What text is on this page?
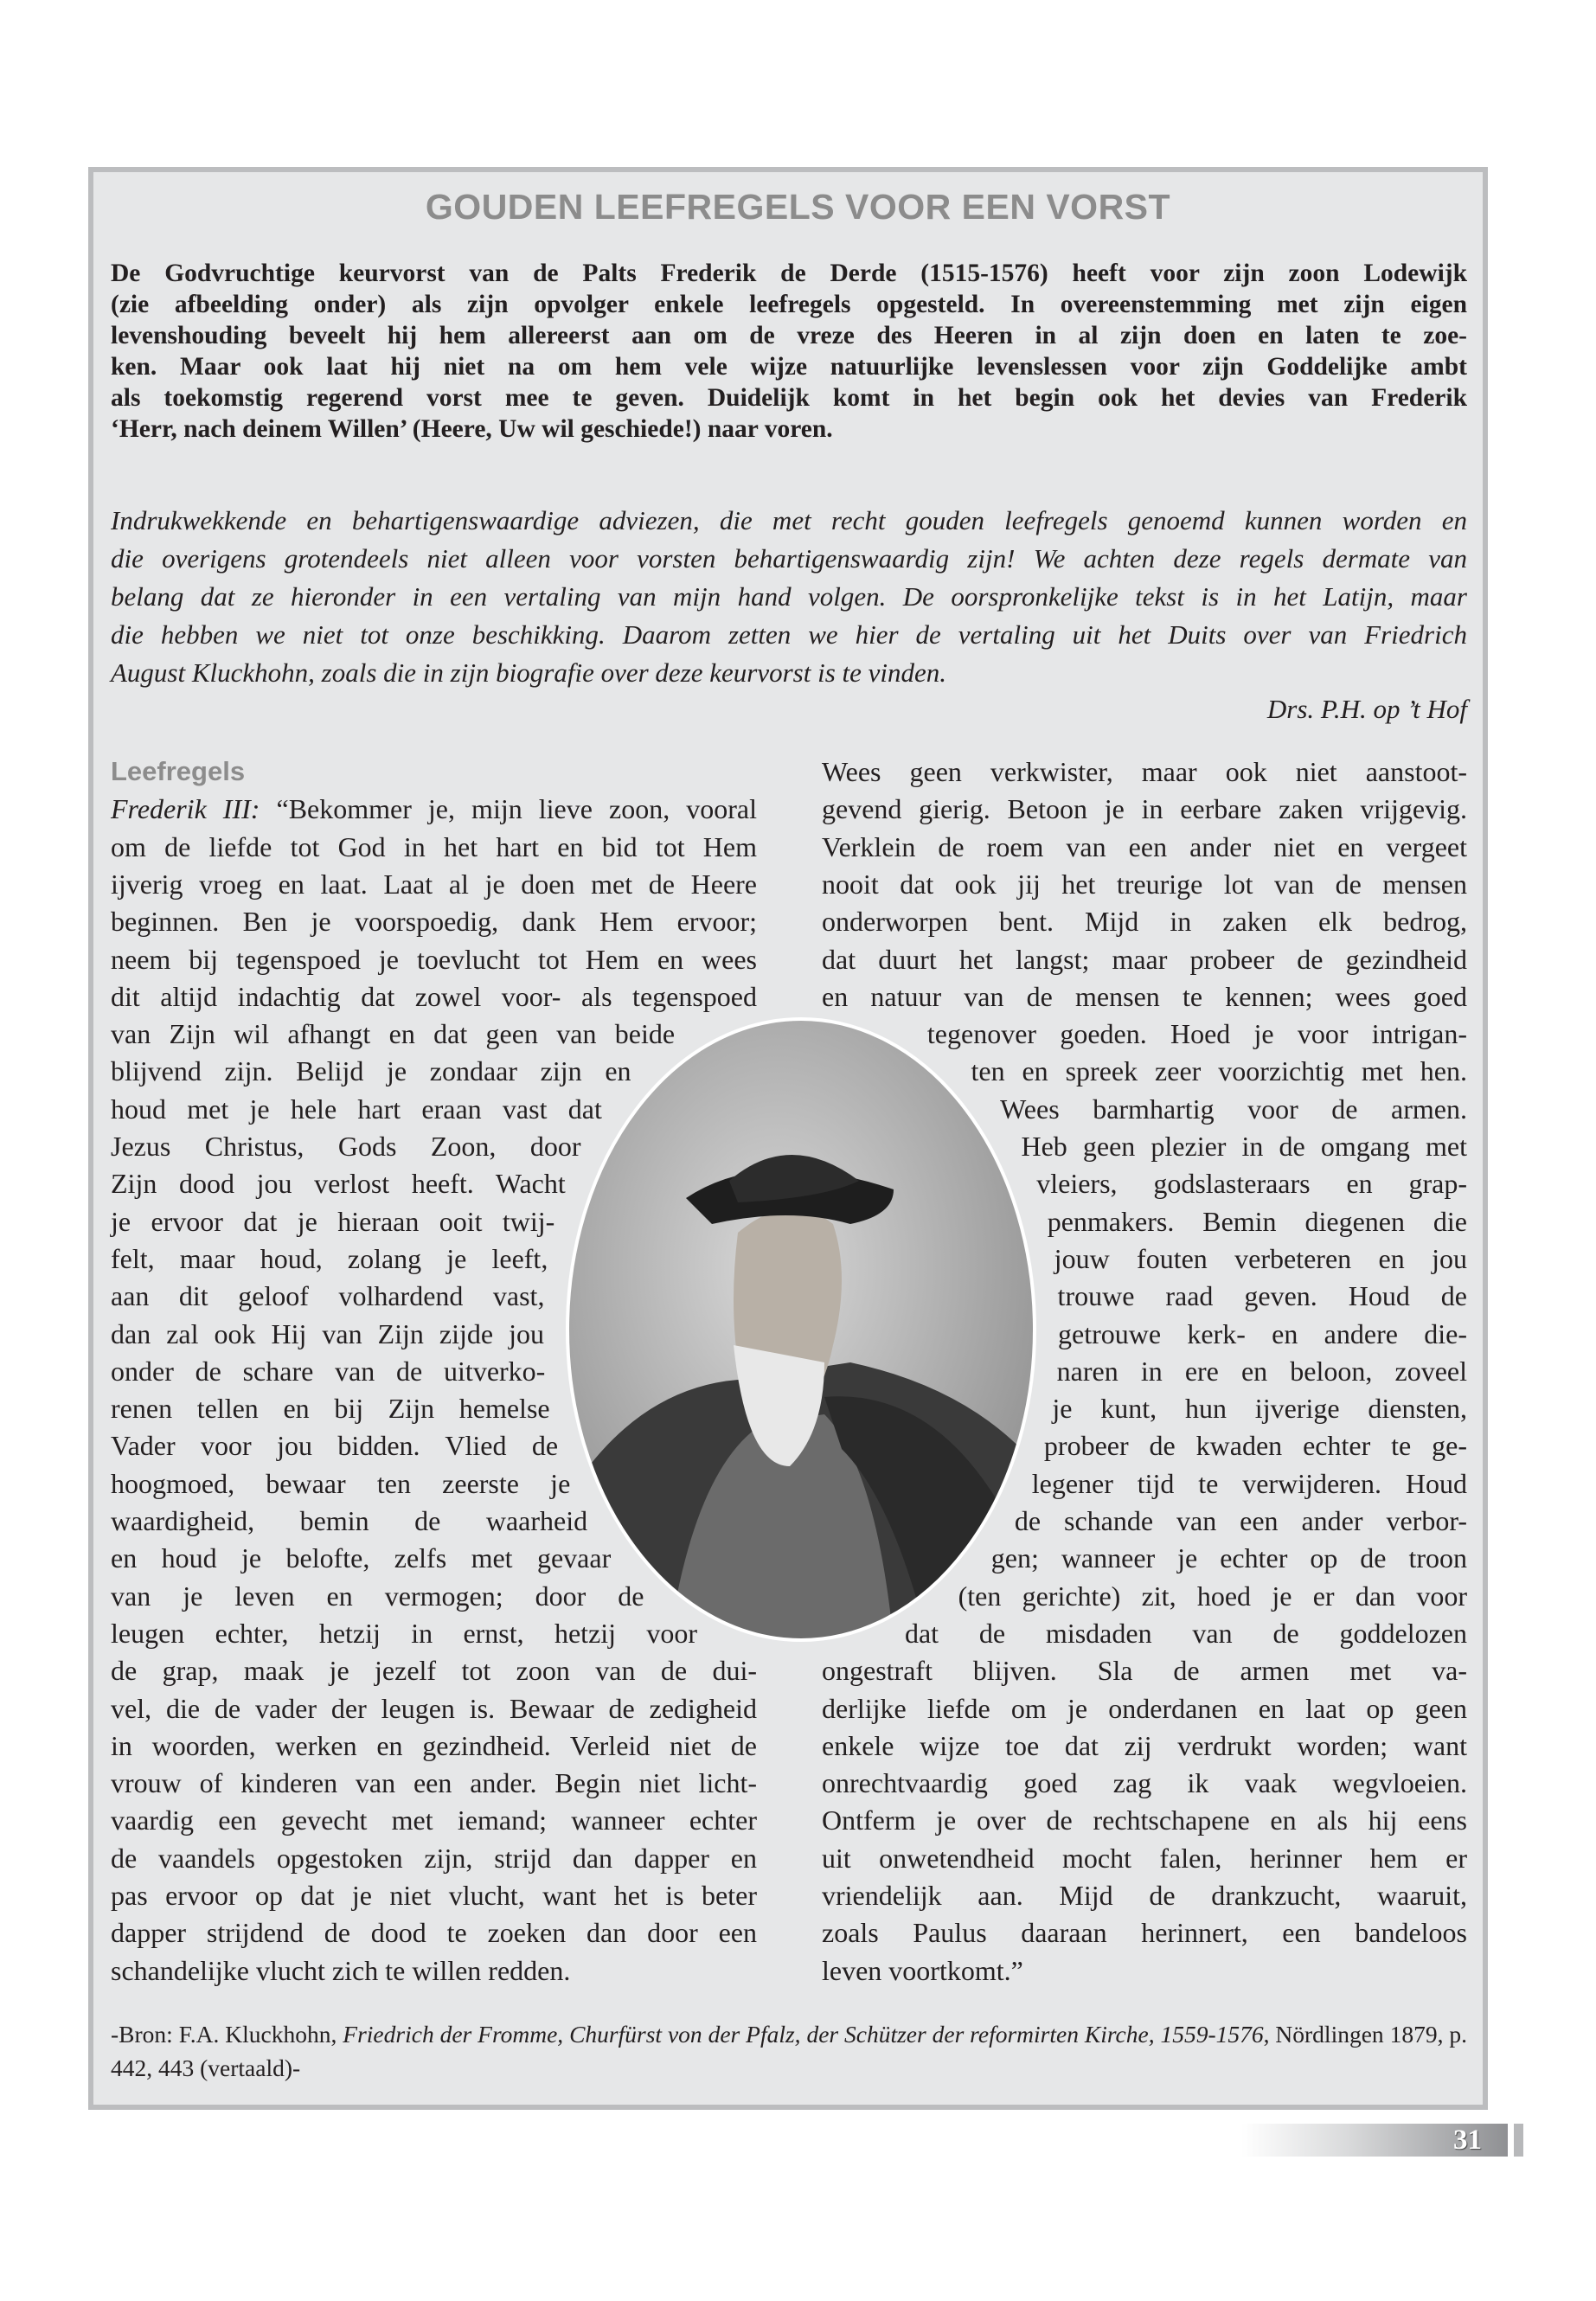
GOUDEN LEEFREGELS VOOR EEN VORST
De Godvruchtige keurvorst van de Palts Frederik de Derde (1515-1576) heeft voor zijn zoon Lodewijk
(zie afbeelding onder) als zijn opvolger enkele leefregels opgesteld. In overeenstemming met zijn eigen
levenshouding beveelt hij hem allereerst aan om de vreze des Heeren in al zijn doen en laten te zoe-
ken. Maar ook laat hij niet na om hem vele wijze natuurlijke levenslessen voor zijn Goddelijke ambt
als toekomstig regerend vorst mee te geven. Duidelijk komt in het begin ook het devies van Frederik
‘Herr, nach deinem Willen’ (Heere, Uw wil geschiede!) naar voren.
Indrukwekkende en behartigenswaardige adviezen, die met recht gouden leefregels genoemd kunnen worden en
die overigens grotendeels niet alleen voor vorsten behartigenswaardig zijn! We achten deze regels dermate van
belang dat ze hieronder in een vertaling van mijn hand volgen. De oorspronkelijke tekst is in het Latijn, maar
die hebben we niet tot onze beschikking. Daarom zetten we hier de vertaling uit het Duits over van Friedrich
August Kluckhohn, zoals die in zijn biografie over deze keurvorst is te vinden.
Drs. P.H. op ’t Hof
Leefregels
Frederik III: “Bekommer je, mijn lieve zoon, vooral
om de liefde tot God in het hart en bid tot Hem
ijverig vroeg en laat. Laat al je doen met de Heere
beginnen. Ben je voorspoedig, dank Hem ervoor;
neem bij tegenspoed je toevlucht tot Hem en wees
dit altijd indachtig dat zowel voor- als tegenspoed
van Zijn wil afhangt en dat geen van beide
blijvend zijn. Belijd je zondaar zijn en
houd met je hele hart eraan vast dat
Jezus Christus, Gods Zoon, door
Zijn dood jou verlost heeft. Wacht
je ervoor dat je hieraan ooit twij-
felt, maar houd, zolang je leeft,
aan dit geloof volhardend vast,
dan zal ook Hij van Zijn zijde jou
onder de schare van de uitverko-
renen tellen en bij Zijn hemelse
Vader voor jou bidden. Vlied de
hoogmoed, bewaar ten zeerste je
waardigheid, bemin de waarheid
en houd je belofte, zelfs met gevaar
van je leven en vermogen; door de
leugen echter, hetzij in ernst, hetzij voor
de grap, maak je jezelf tot zoon van de dui-
vel, die de vader der leugen is. Bewaar de zedigheid
in woorden, werken en gezindheid. Verleid niet de
vrouw of kinderen van een ander. Begin niet licht-
vaardig een gevecht met iemand; wanneer echter
de vaandels opgestoken zijn, strijd dan dapper en
pas ervoor op dat je niet vlucht, want het is beter
dapper strijdend de dood te zoeken dan door een
schandelijke vlucht zich te willen redden.
Wees geen verkwister, maar ook niet aanstoot-
gevend gierig. Betoon je in eerbare zaken vrijgevig.
Verklein de roem van een ander niet en vergeet
nooit dat ook jij het treurige lot van de mensen
onderworpen bent. Mijd in zaken elk bedrog,
dat duurt het langst; maar probeer de gezindheid
en natuur van de mensen te kennen; wees goed
tegenover goeden. Hoed je voor intrigan-
ten en spreek zeer voorzichtig met hen.
Wees barmhartig voor de armen.
Heb geen plezier in de omgang met
vleiers, godslasteraars en grap-
penmakers. Bemin diegenen die
jouw fouten verbeteren en jou
trouwe raad geven. Houd de
getrouwe kerk- en andere die-
naren in ere en beloon, zoveel
je kunt, hun ijverige diensten,
probeer de kwaden echter te ge-
legener tijd te verwijderen. Houd
de schande van een ander verbor-
gen; wanneer je echter op de troon
(ten gerichte) zit, hoed je er dan voor
dat de misdaden van de goddelozen
ongestraft blijven. Sla de armen met va-
derlijke liefde om je onderdanen en laat op geen
enkele wijze toe dat zij verdrukt worden; want
onrechtvaardig goed zag ik vaak wegvloeien.
Ontferm je over de rechtschapene en als hij eens
uit onwetendheid mocht falen, herinner hem er
vriendelijk aan. Mijd de drankzucht, waaruit,
zoals Paulus daaraan herinnert, een bandeloos
leven voortkomt.”
-Bron: F.A. Kluckhohn, Friedrich der Fromme, Churfürst von der Pfalz, der Schützer der reformirten Kirche, 1559-1576, Nördlingen 1879, p. 442, 443 (vertaald)-
31
